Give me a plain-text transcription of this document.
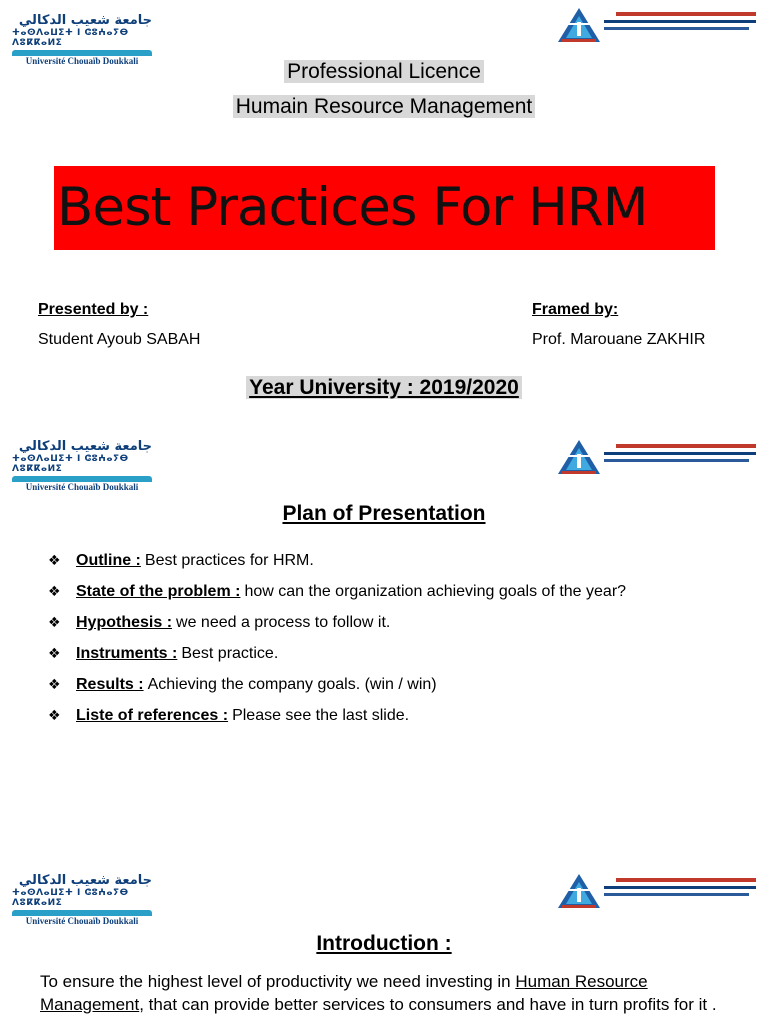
جامعة شعيب الدكالي
ⵜⴰⵙⴷⴰⵡⵉⵜ ⵏ ⵛⵓⵄⴰⵢⴱ ⴷⵓⴽⴽⴰⵍⵉ
Université Chouaïb Doukkali	Professional Licence
Humain Resource Management
Best Practices For HRM
Presented by :
Student Ayoub SABAH
Framed by:
Prof. Marouane ZAKHIR
Year University : 2019/2020
جامعة شعيب الدكالي
ⵜⴰⵙⴷⴰⵡⵉⵜ ⵏ ⵛⵓⵄⴰⵢⴱ ⴷⵓⴽⴽⴰⵍⵉ
Université Chouaïb Doukkali
Plan of Presentation
❖ Outline : Best practices for HRM.
❖ State of the problem : how can the organization achieving goals of the year?
❖ Hypothesis : we need a process to follow it.
❖ Instruments : Best practice.
❖ Results : Achieving the company goals. (win / win)
❖ Liste of references : Please see the last slide.
جامعة شعيب الدكالي
ⵜⴰⵙⴷⴰⵡⵉⵜ ⵏ ⵛⵓⵄⴰⵢⴱ ⴷⵓⴽⴽⴰⵍⵉ
Université Chouaïb Doukkali
Introduction :
To ensure the highest level of productivity we need investing in Human Resource Management, that can provide better services to consumers and have in turn profits for it .
